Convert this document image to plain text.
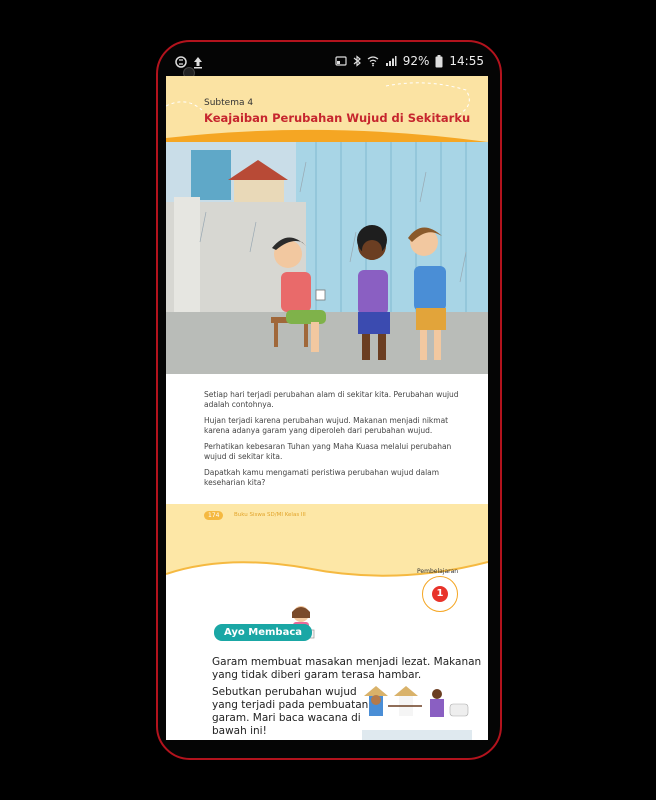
92% 14:55
Subtema 4
Keajaiban Perubahan Wujud di Sekitarku
Setiap hari terjadi perubahan alam di sekitar kita. Perubahan wujud adalah contohnya.
Hujan terjadi karena perubahan wujud. Makanan menjadi nikmat karena adanya garam yang diperoleh dari perubahan wujud.
Perhatikan kebesaran Tuhan yang Maha Kuasa melalui perubahan wujud di sekitar kita.
Dapatkah kamu mengamati peristiwa perubahan wujud dalam keseharian kita?
174	Buku Siswa SD/MI Kelas III
Pembelajaran
1
Ayo Membaca
Garam membuat masakan menjadi lezat. Makanan
yang tidak diberi garam terasa hambar.
Sebutkan perubahan wujud
yang terjadi pada pembuatan
garam. Mari baca wacana di
bawah ini!
